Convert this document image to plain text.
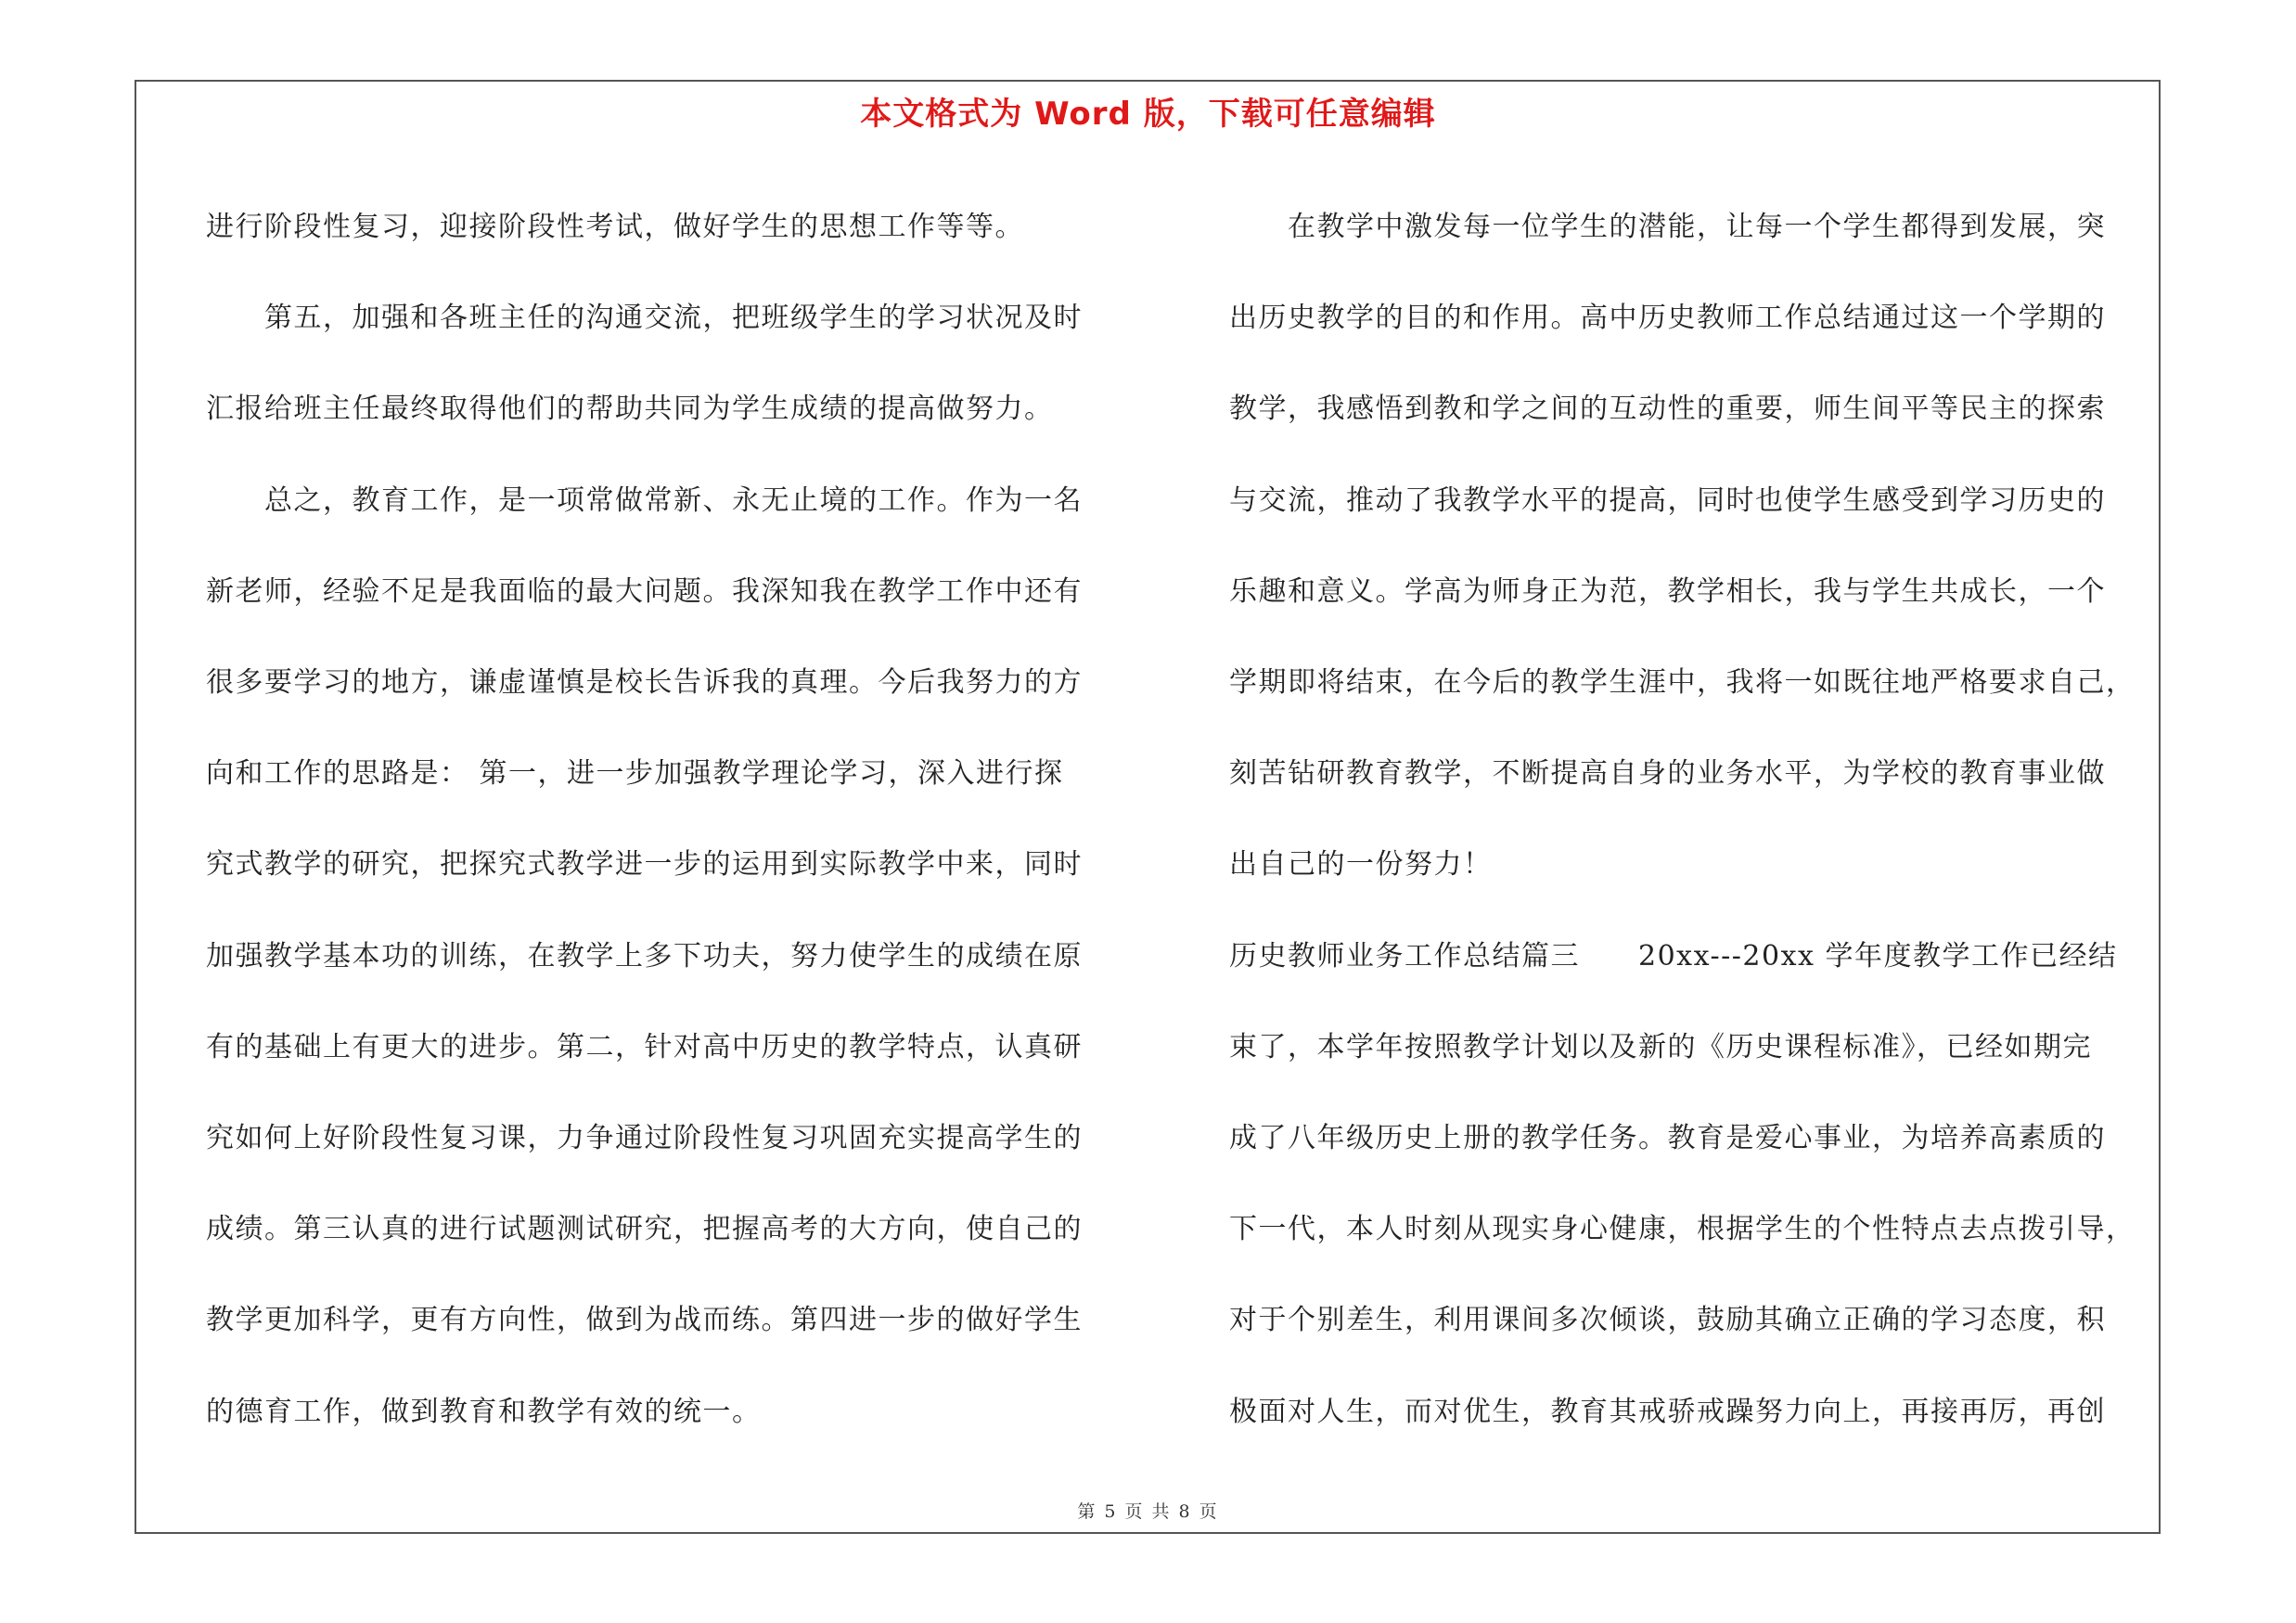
本文格式为 Word 版，下载可任意编辑

进行阶段性复习，迎接阶段性考试，做好学生的思想工作等等。

　　第五，加强和各班主任的沟通交流，把班级学生的学习状况及时

汇报给班主任最终取得他们的帮助共同为学生成绩的提高做努力。

　　总之，教育工作，是一项常做常新、永无止境的工作。作为一名

新老师，经验不足是我面临的最大问题。我深知我在教学工作中还有

很多要学习的地方，谦虚谨慎是校长告诉我的真理。今后我努力的方

向和工作的思路是： 第一，进一步加强教学理论学习，深入进行探

究式教学的研究，把探究式教学进一步的运用到实际教学中来，同时

加强教学基本功的训练，在教学上多下功夫，努力使学生的成绩在原

有的基础上有更大的进步。第二，针对高中历史的教学特点，认真研

究如何上好阶段性复习课，力争通过阶段性复习巩固充实提高学生的

成绩。第三认真的进行试题测试研究，把握高考的大方向，使自己的

教学更加科学，更有方向性，做到为战而练。第四进一步的做好学生

的德育工作，做到教育和教学有效的统一。

　　在教学中激发每一位学生的潜能，让每一个学生都得到发展，突

出历史教学的目的和作用。高中历史教师工作总结通过这一个学期的

教学，我感悟到教和学之间的互动性的重要，师生间平等民主的探索

与交流，推动了我教学水平的提高，同时也使学生感受到学习历史的

乐趣和意义。学高为师身正为范，教学相长，我与学生共成长，一个

学期即将结束，在今后的教学生涯中，我将一如既往地严格要求自己，

刻苦钻研教育教学，不断提高自身的业务水平，为学校的教育事业做

出自己的一份努力！

历史教师业务工作总结篇三　　20xx---20xx 学年度教学工作已经结

束了，本学年按照教学计划以及新的《历史课程标准》，已经如期完

成了八年级历史上册的教学任务。教育是爱心事业，为培养高素质的

下一代，本人时刻从现实身心健康，根据学生的个性特点去点拨引导，

对于个别差生，利用课间多次倾谈，鼓励其确立正确的学习态度，积

极面对人生，而对优生，教育其戒骄戒躁努力向上，再接再厉，再创

第 5 页 共 8 页
